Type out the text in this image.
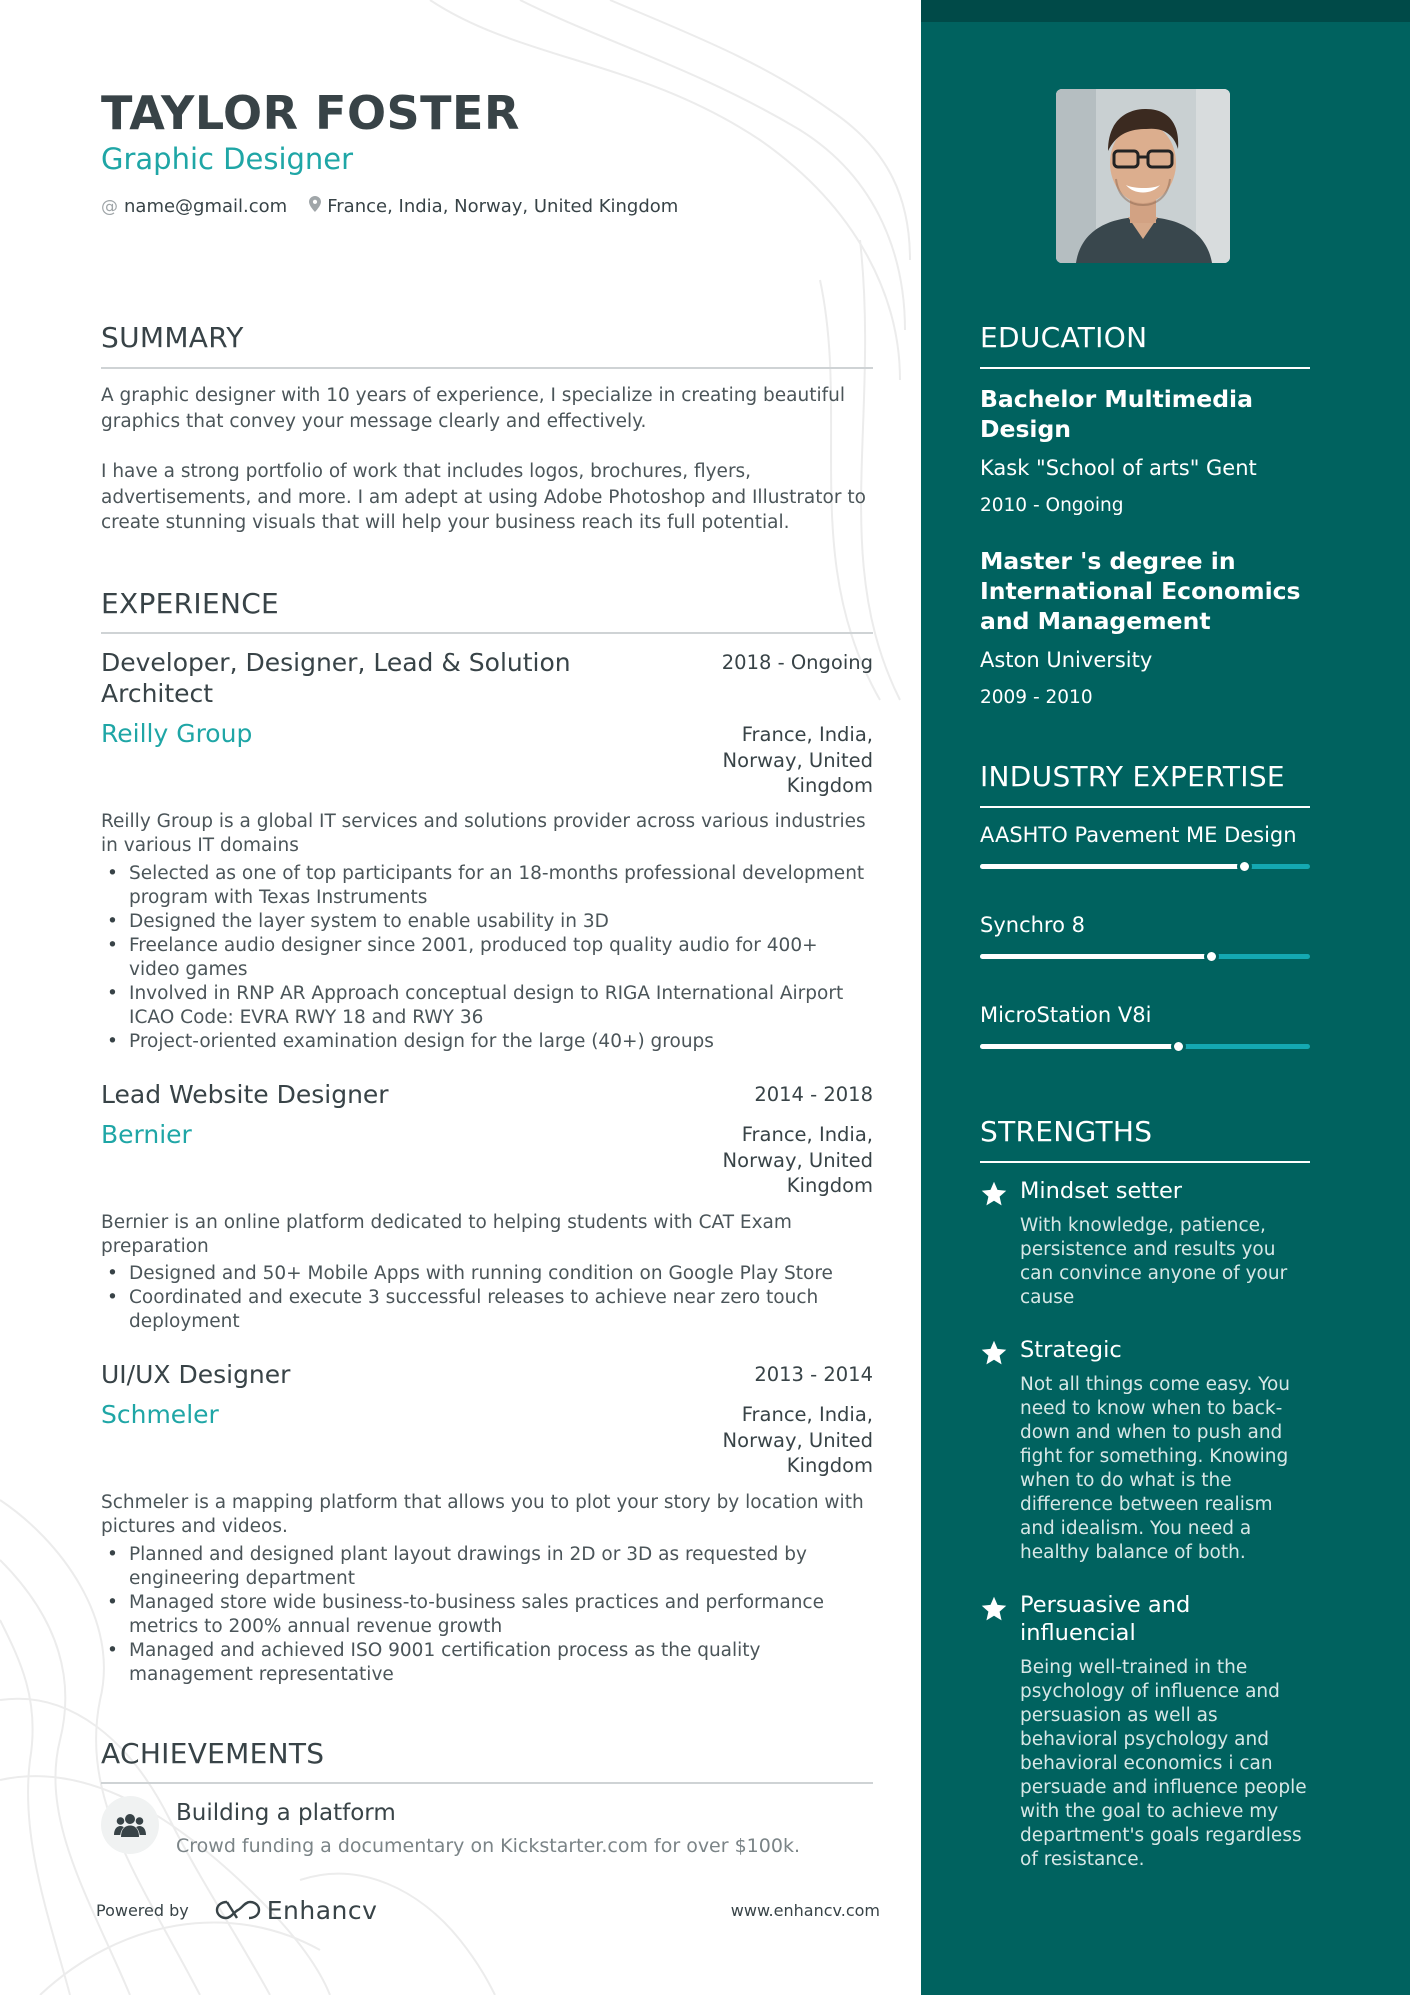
TAYLOR FOSTER
Graphic Designer
@ name@gmail.com France, India, Norway, United Kingdom
SUMMARY
A graphic designer with 10 years of experience, I specialize in creating beautiful graphics that convey your message clearly and effectively.
I have a strong portfolio of work that includes logos, brochures, flyers, advertisements, and more. I am adept at using Adobe Photoshop and Illustrator to create stunning visuals that will help your business reach its full potential.
EXPERIENCE
Developer, Designer, Lead & Solution Architect
2018 - Ongoing
Reilly Group	France, India, Norway, United Kingdom
Reilly Group is a global IT services and solutions provider across various industries in various IT domains
• Selected as one of top participants for an 18-months professional development program with Texas Instruments
• Designed the layer system to enable usability in 3D
• Freelance audio designer since 2001, produced top quality audio for 400+ video games
• Involved in RNP AR Approach conceptual design to RIGA International Airport ICAO Code: EVRA RWY 18 and RWY 36
• Project-oriented examination design for the large (40+) groups
Lead Website Designer	2014 - 2018
Bernier	France, India, Norway, United Kingdom
Bernier is an online platform dedicated to helping students with CAT Exam preparation
• Designed and 50+ Mobile Apps with running condition on Google Play Store
• Coordinated and execute 3 successful releases to achieve near zero touch deployment
UI/UX Designer	2013 - 2014
Schmeler	France, India, Norway, United Kingdom
Schmeler is a mapping platform that allows you to plot your story by location with pictures and videos.
• Planned and designed plant layout drawings in 2D or 3D as requested by engineering department
• Managed store wide business-to-business sales practices and performance metrics to 200% annual revenue growth
• Managed and achieved ISO 9001 certification process as the quality management representative
ACHIEVEMENTS
Building a platform
Crowd funding a documentary on Kickstarter.com for over $100k.
Powered by	Enhancv	www.enhancv.com
EDUCATION
Bachelor Multimedia Design
Kask "School of arts" Gent
2010 - Ongoing
Master 's degree in International Economics and Management
Aston University
2009 - 2010
INDUSTRY EXPERTISE
AASHTO Pavement ME Design
Synchro 8
MicroStation V8i
STRENGTHS
Mindset setter
With knowledge, patience, persistence and results you can convince anyone of your cause
Strategic
Not all things come easy. You need to know when to back-down and when to push and fight for something. Knowing when to do what is the difference between realism and idealism. You need a healthy balance of both.
Persuasive and influencial
Being well-trained in the psychology of influence and persuasion as well as behavioral psychology and behavioral economics i can persuade and influence people with the goal to achieve my department's goals regardless of resistance.
